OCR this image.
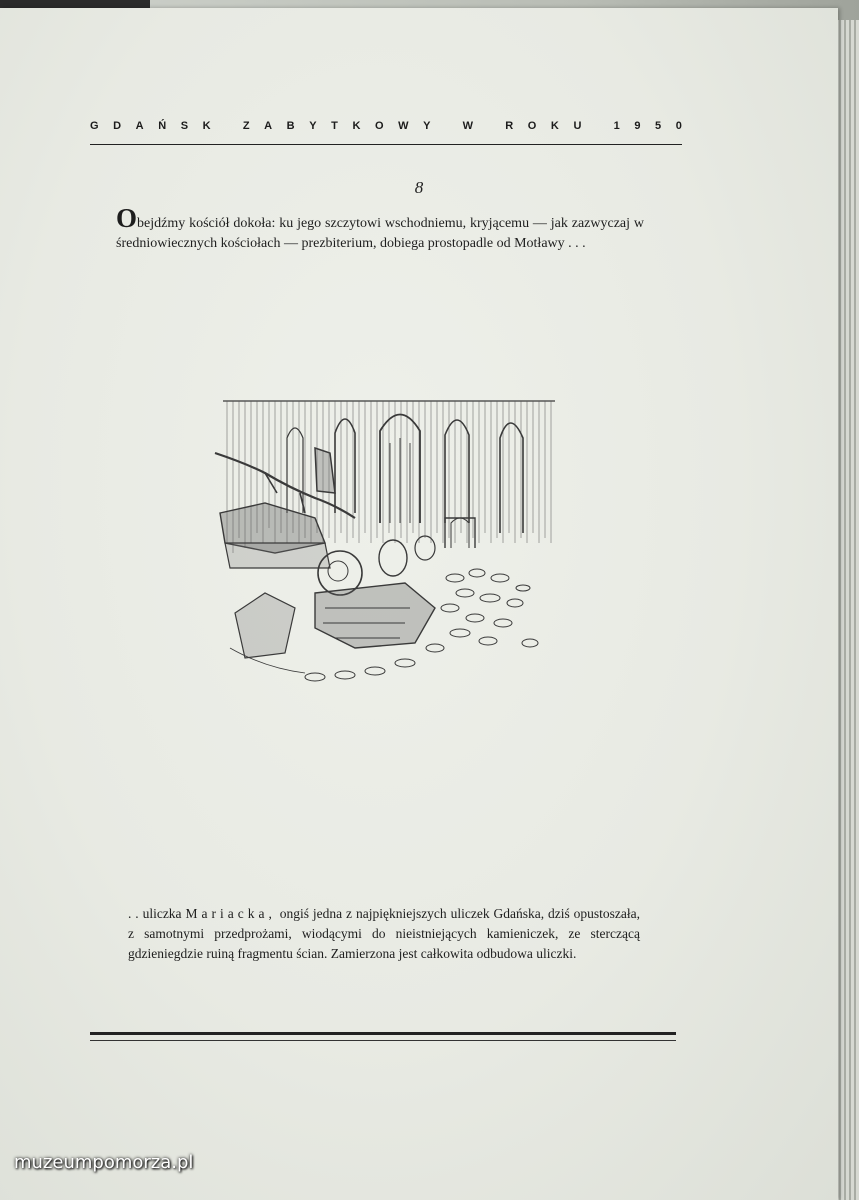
G D A Ń S K
	Z A B Y T K O W Y
	W
	R O K U
	1 9 5 0
8
Obejdźmy kościół dokoła: ku jego szczytowi wschodniemu, kryjącemu — jak zazwyczaj w średniowiecznych kościołach — prezbiterium, dobiega prostopadle od Motławy . . .
. . uliczka Mariacka, ongiś jedna z najpiękniejszych uliczek Gdańska, dziś opustoszała, z samotnymi przedprożami, wiodącymi do nieistniejących kamieniczek, ze sterczącą gdzieniegdzie ruiną fragmentu ścian. Zamierzona jest całkowita odbudowa uliczki.
muzeumpomorza.pl
